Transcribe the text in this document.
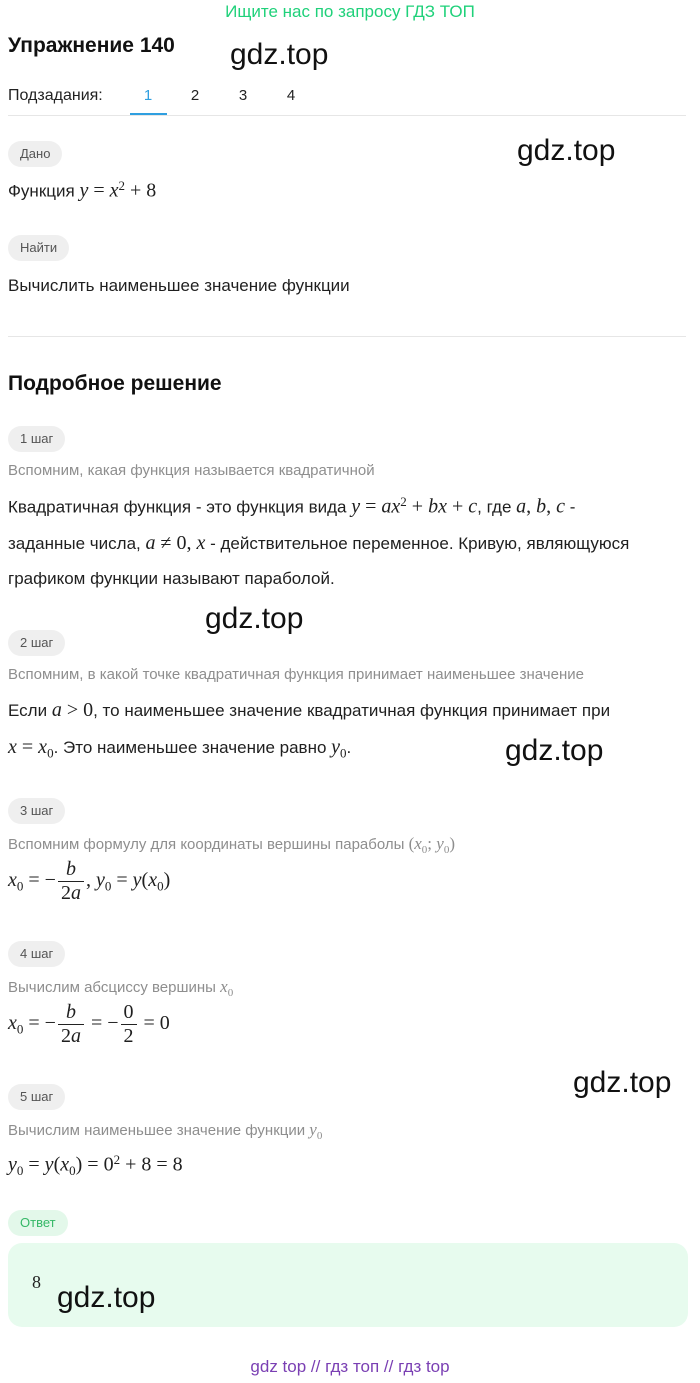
Ищите нас по запросу ГДЗ ТОП
Упражнение 140 gdz.top
Подзадания:	1	2	3	4
Дано	gdz.top
Функция $y = x^2 + 8$
Найти
Вычислить наименьшее значение функции
Подробное решение
1 шаг
Вспомним, какая функция называется квадратичной
Квадратичная функция - это функция вида $y = ax^2$ + bx + c, где a, b, c -
заданные числа, a ≠ 0, x - действительное переменное. Кривую, являющуюся
графиком функции называют параболой.
gdz.top
2 шаг
Вспомним, в какой точке квадратичная функция принимает наименьшее значение
Если a > 0, то наименьшее значение квадратичная функция принимает при
$x = x_0$. Это наименьшее значение равно $y_0$.	gdz.top
3 шаг
Вспомним формулу для координаты вершины параболы ($x_0$; $y_0$)
$x_0$ = − $\frac{b}{2a}$ , $y_0 = y(x_0)$
4 шаг
Вычислим абсциссу вершины $x_0$
$x_0$ = − $\frac{b}{2a}$ = − $\frac{0}{2} = 0$
gdz.top
5 шаг
Вычислим наименьшее значение функции $y_0$
$y_0 = y(x_0) = 0^2 + 8 = 8$
Ответ
8 gdz.top
gdz top // гдз топ // гдз top
